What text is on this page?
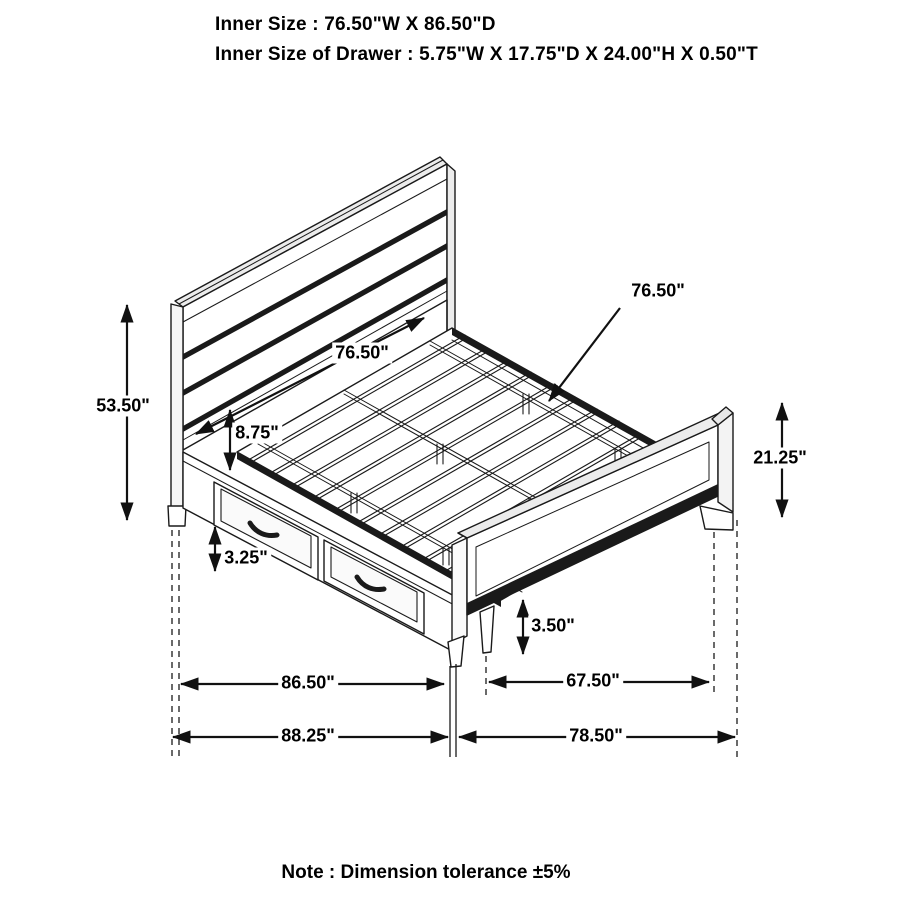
Inner Size : 76.50"W X 86.50"D
Inner Size of Drawer : 5.75"W X 17.75"D X 24.00"H X 0.50"T
76.50"
76.50"
53.50"
8.75"
21.25"
3.25"
3.50"
86.50"	67.50"
88.25"	78.50"
Note : Dimension tolerance ±5%
